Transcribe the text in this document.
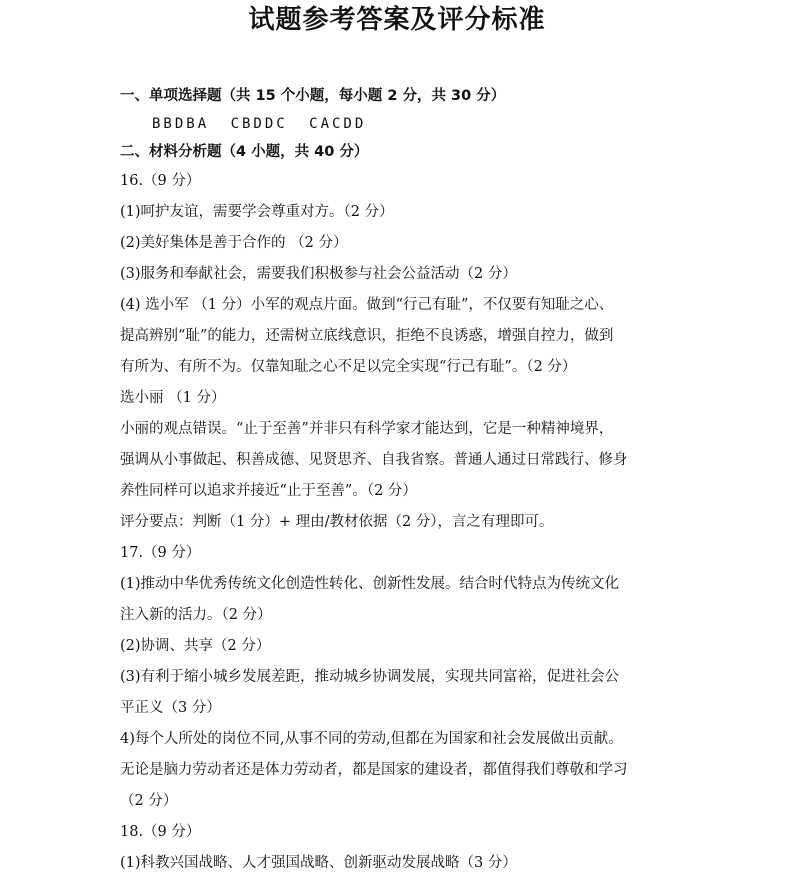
试题参考答案及评分标准
一、单项选择题（共 15 个小题，每小题 2 分，共 30 分）
BBDBA CBDDC CACDD
二、材料分析题（4 小题，共 40 分）
16.（9 分）
(1)呵护友谊，需要学会尊重对方。（2 分）
(2)美好集体是善于合作的 （2 分）
(3)服务和奉献社会，需要我们积极参与社会公益活动（2 分）
(4) 选小军 （1 分）小军的观点片面。做到“行己有耻”，不仅要有知耻之心、
提高辨别“耻”的能力，还需树立底线意识，拒绝不良诱惑，增强自控力，做到
有所为、有所不为。仅靠知耻之心不足以完全实现“行己有耻”。（2 分）
选小丽 （1 分）
小丽的观点错误。“止于至善”并非只有科学家才能达到，它是一种精神境界，
强调从小事做起、积善成德、见贤思齐、自我省察。普通人通过日常践行、修身
养性同样可以追求并接近“止于至善”。（2 分）
评分要点：判断（1 分）+ 理由/教材依据（2 分），言之有理即可。
17.（9 分）
(1)推动中华优秀传统文化创造性转化、创新性发展。结合时代特点为传统文化
注入新的活力。（2 分）
(2)协调、共享（2 分）
(3)有利于缩小城乡发展差距，推动城乡协调发展，实现共同富裕，促进社会公
平正义（3 分）
4)每个人所处的岗位不同,从事不同的劳动,但都在为国家和社会发展做出贡献。
无论是脑力劳动者还是体力劳动者，都是国家的建设者，都值得我们尊敬和学习
（2 分）
18.（9 分）
(1)科教兴国战略、人才强国战略、创新驱动发展战略（3 分）
